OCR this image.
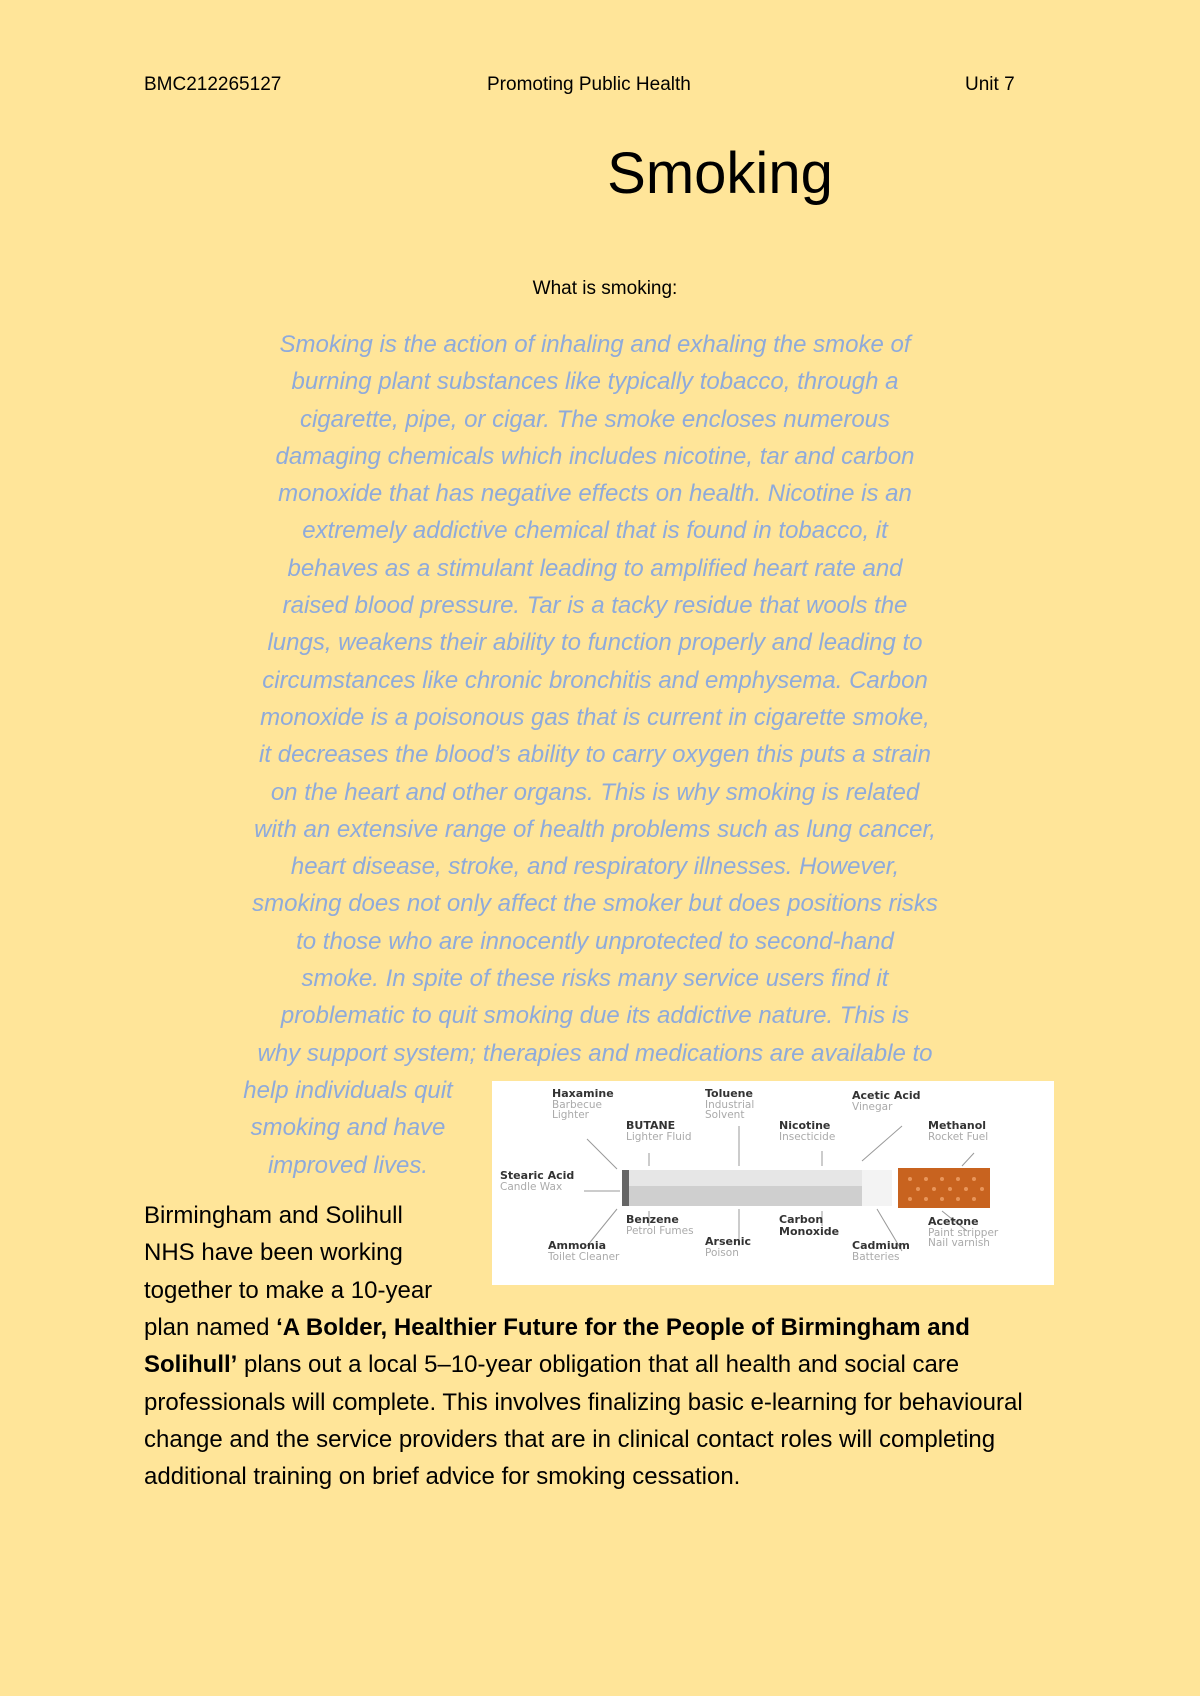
BMC212265127	Promoting Public Health	Unit 7
Smoking
What is smoking:
Smoking is the action of inhaling and exhaling the smoke of
burning plant substances like typically tobacco, through a
cigarette, pipe, or cigar. The smoke encloses numerous
damaging chemicals which includes nicotine, tar and carbon
monoxide that has negative effects on health. Nicotine is an
extremely addictive chemical that is found in tobacco, it
behaves as a stimulant leading to amplified heart rate and
raised blood pressure. Tar is a tacky residue that wools the
lungs, weakens their ability to function properly and leading to
circumstances like chronic bronchitis and emphysema. Carbon
monoxide is a poisonous gas that is current in cigarette smoke,
it decreases the blood’s ability to carry oxygen this puts a strain
on the heart and other organs. This is why smoking is related
with an extensive range of health problems such as lung cancer,
heart disease, stroke, and respiratory illnesses. However,
smoking does not only affect the smoker but does positions risks
to those who are innocently unprotected to second-hand
smoke. In spite of these risks many service users find it
problematic to quit smoking due its addictive nature. This is
why support system; therapies and medications are available to
help individuals quit
smoking and have
improved lives.
Birmingham and Solihull
NHS have been working
together to make a 10-year
plan named ‘A Bolder, Healthier Future for the People of Birmingham and Solihull’ plans out a local 5–10-year obligation that all health and social care professionals will complete. This involves finalizing basic e-learning for behavioural change and the service providers that are in clinical contact roles will completing additional training on brief advice for smoking cessation.
Haxamine
Barbecue
Lighter
Toluene
Industrial
Solvent
Acetic Acid
Vinegar
BUTANE
Lighter Fluid
Nicotine
Insecticide
Methanol
Rocket Fuel
Stearic Acid
Candle Wax
Benzene
Petrol Fumes
Carbon
Monoxide
Acetone
Paint stripper
Nail varnish
Ammonia
Toilet Cleaner
Arsenic
Poison
Cadmium
Batteries
